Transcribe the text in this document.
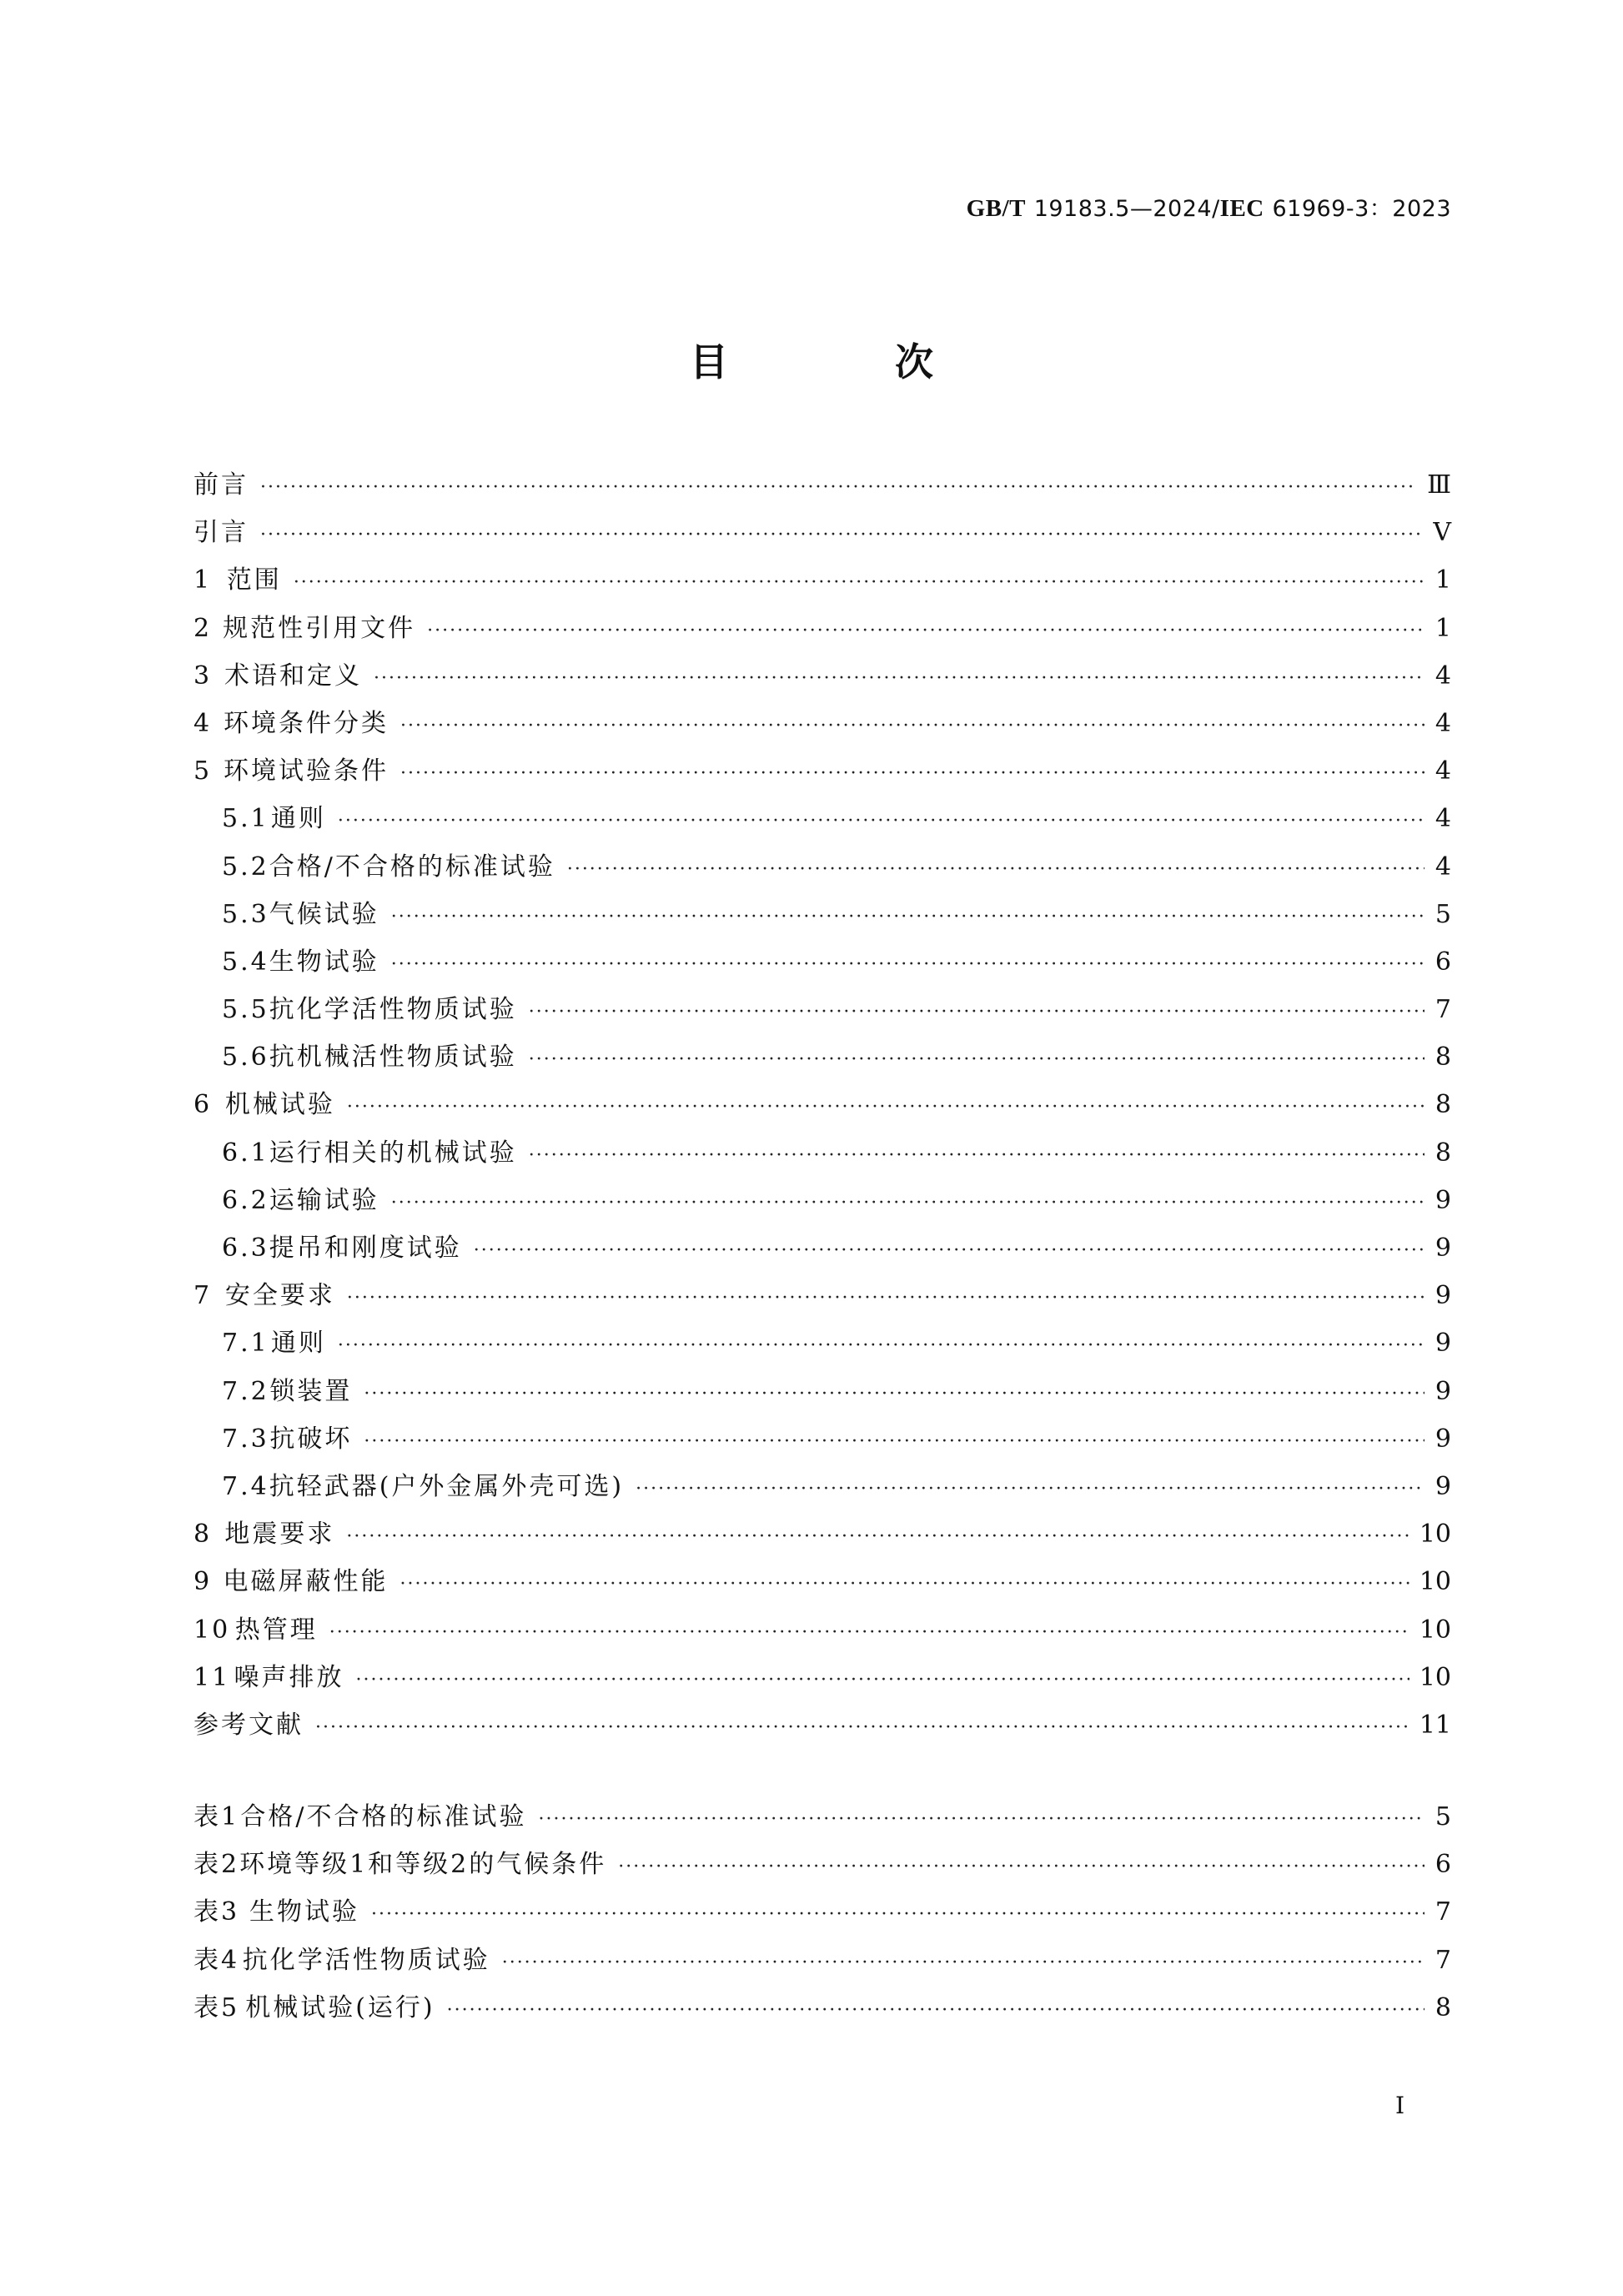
GB/T 19183.5—2024/IEC 61969-3：2023
目 次
前言 ·····	Ⅲ
引言 ·····	Ⅴ
1 范围 ·····	1
2 规范性引用文件 ·····	1
3 术语和定义 ·····	4
4 环境条件分类 ·····	4
5 环境试验条件 ·····	4
5.1 通则 ·····	4
5.2 合格/不合格的标准试验 ·····	4
5.3 气候试验 ·····	5
5.4 生物试验 ·····	6
5.5 抗化学活性物质试验 ·····	7
5.6 抗机械活性物质试验 ·····	8
6 机械试验 ·····	8
6.1 运行相关的机械试验 ·····	8
6.2 运输试验 ·····	9
6.3 提吊和刚度试验 ·····	9
7 安全要求 ·····	9
7.1 通则 ·····	9
7.2 锁装置 ·····	9
7.3 抗破坏 ·····	9
7.4 抗轻武器(户外金属外壳可选) ·····	9
8 地震要求 ·····	10
9 电磁屏蔽性能 ·····	10
10 热管理 ·····	10
11 噪声排放 ·····	10
参考文献 ·····	11
表1 合格/不合格的标准试验 ·····	5
表2 环境等级1和等级2的气候条件 ·····	6
表3 生物试验 ·····	7
表4 抗化学活性物质试验 ·····	7
表5 机械试验(运行) ·····	8
Ⅰ
